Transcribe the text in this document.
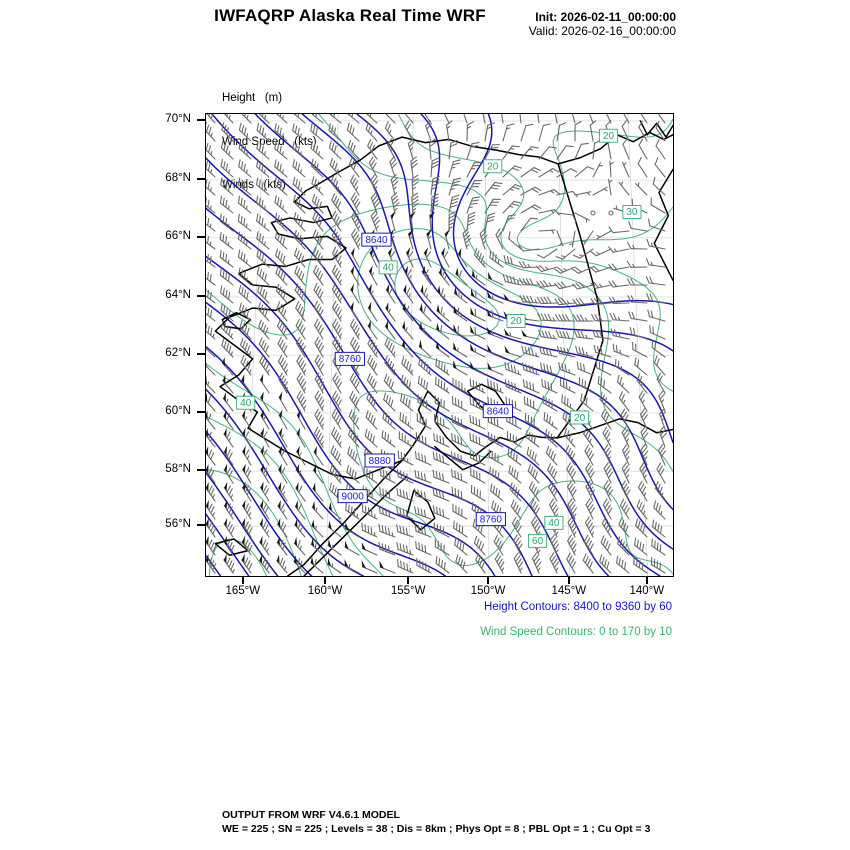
IWFAQRP Alaska Real Time WRF	Init: 2026-02-11_00:00:00
Valid: 2026-02-16_00:00:00

Height   (m)

70°N
68°N
66°N
64°N
62°N
60°N
58°N
56°N
165°W	160°W	155°W	150°W	145°W	140°W
Height Contours: 8400 to 9360 by 60
Wind Speed Contours: 0 to 170 by 10
OUTPUT FROM WRF V4.6.1 MODEL
WE = 225 ; SN = 225 ; Levels = 38 ; Dis = 8km ; Phys Opt = 8 ; PBL Opt = 1 ; Cu Opt = 3
